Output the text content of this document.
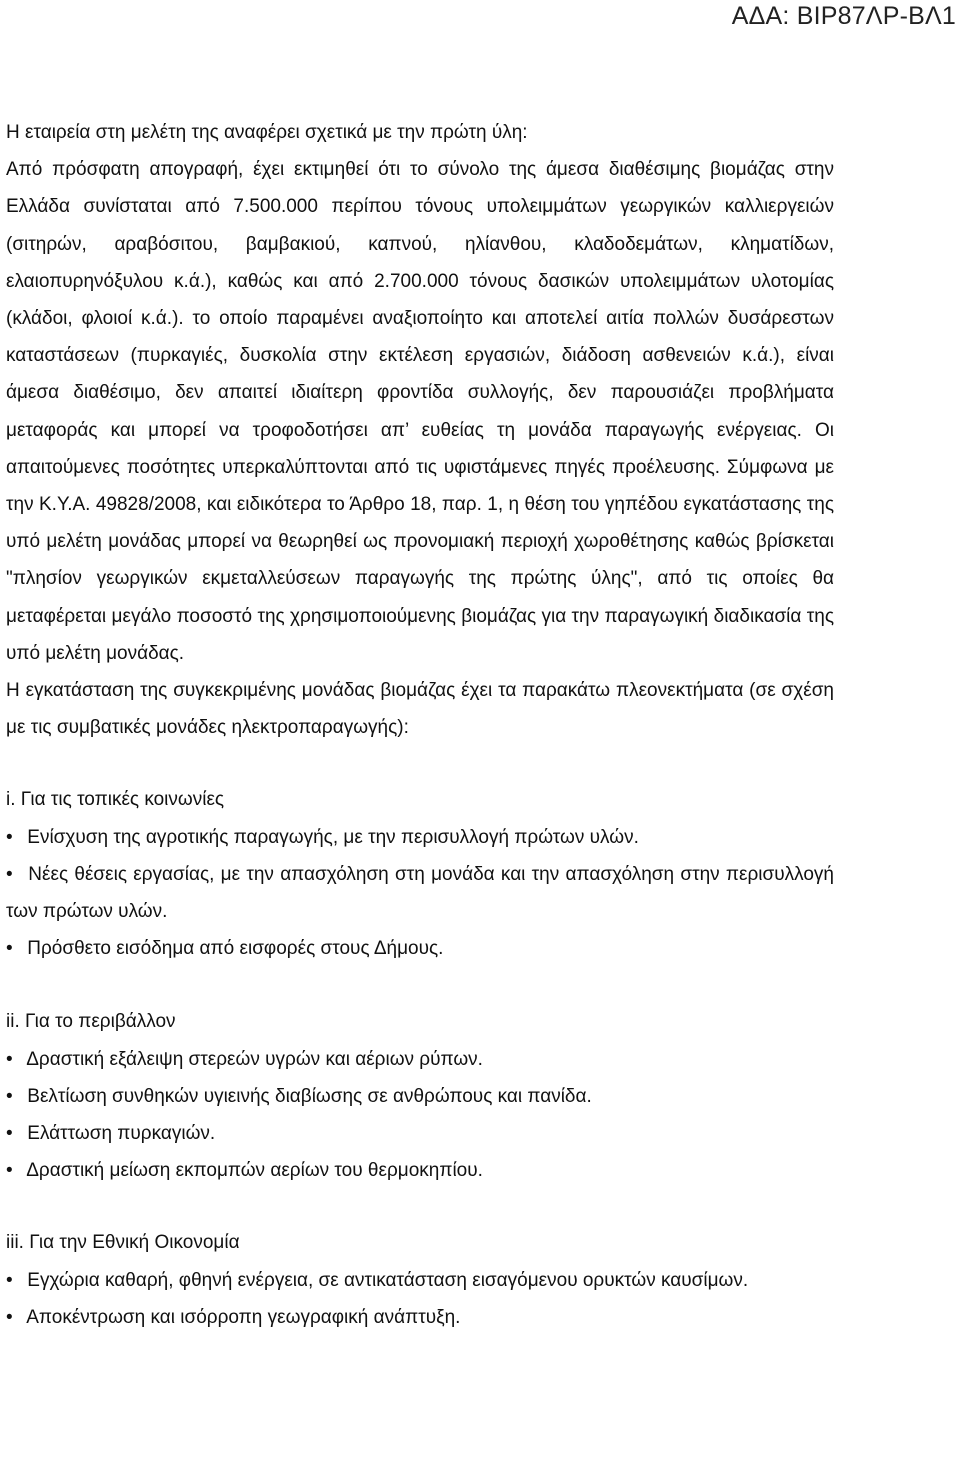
ΑΔΑ: ΒΙΡ87ΛΡ-ΒΛ1

Η εταιρεία στη μελέτη της αναφέρει σχετικά με την πρώτη ύλη:

Από πρόσφατη απογραφή, έχει εκτιμηθεί ότι το σύνολο της άμεσα διαθέσιμης βιομάζας στην Ελλάδα συνίσταται από 7.500.000 περίπου τόνους υπολειμμάτων γεωργικών καλλιεργειών (σιτηρών, αραβόσιτου, βαμβακιού, καπνού, ηλίανθου, κλαδοδεμάτων, κληματίδων, ελαιοπυρηνόξυλου κ.ά.), καθώς και από 2.700.000 τόνους δασικών υπολειμμάτων υλοτομίας (κλάδοι, φλοιοί κ.ά.). το οποίο παραμένει αναξιοποίητο και αποτελεί αιτία πολλών δυσάρεστων καταστάσεων (πυρκαγιές, δυσκολία στην εκτέλεση εργασιών, διάδοση ασθενειών κ.ά.), είναι άμεσα διαθέσιμο, δεν απαιτεί ιδιαίτερη φροντίδα συλλογής, δεν παρουσιάζει προβλήματα μεταφοράς και μπορεί να τροφοδοτήσει απ’ ευθείας τη μονάδα παραγωγής ενέργειας. Οι απαιτούμενες ποσότητες υπερκαλύπτονται από τις υφιστάμενες πηγές προέλευσης. Σύμφωνα με την Κ.Υ.Α. 49828/2008, και ειδικότερα το Άρθρο 18, παρ. 1, η θέση του γηπέδου εγκατάστασης της υπό μελέτη μονάδας μπορεί να θεωρηθεί ως προνομιακή περιοχή χωροθέτησης καθώς βρίσκεται "πλησίον γεωργικών εκμεταλλεύσεων παραγωγής της πρώτης ύλης", από τις οποίες θα μεταφέρεται μεγάλο ποσοστό της χρησιμοποιούμενης βιομάζας για την παραγωγική διαδικασία της υπό μελέτη μονάδας.

Η εγκατάσταση της συγκεκριμένης μονάδας βιομάζας έχει τα παρακάτω πλεονεκτήματα (σε σχέση με τις συμβατικές μονάδες ηλεκτροπαραγωγής):

i. Για τις τοπικές κοινωνίες

• Ενίσχυση της αγροτικής παραγωγής, με την περισυλλογή πρώτων υλών.
• Νέες θέσεις εργασίας, με την απασχόληση στη μονάδα και την απασχόληση στην περισυλλογή των πρώτων υλών.
• Πρόσθετο εισόδημα από εισφορές στους Δήμους.

ii. Για το περιβάλλον

• Δραστική εξάλειψη στερεών υγρών και αέριων ρύπων.
• Βελτίωση συνθηκών υγιεινής διαβίωσης σε ανθρώπους και πανίδα.
• Ελάττωση πυρκαγιών.
• Δραστική μείωση εκπομπών αερίων του θερμοκηπίου.

iii. Για την Εθνική Οικονομία

• Εγχώρια καθαρή, φθηνή ενέργεια, σε αντικατάσταση εισαγόμενου ορυκτών καυσίμων.
• Αποκέντρωση και ισόρροπη γεωγραφική ανάπτυξη.
